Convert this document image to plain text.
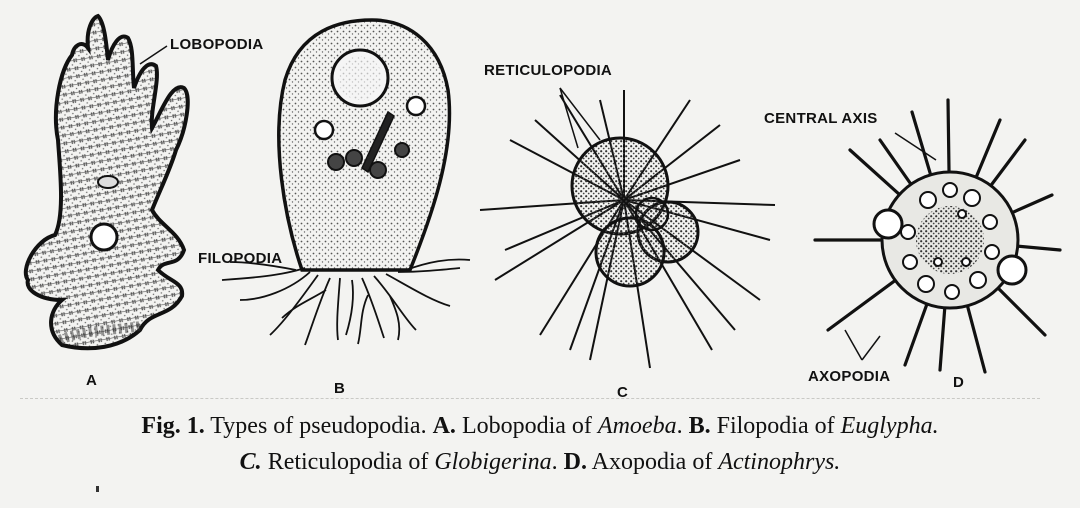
LOBOPODIA
FILOPODIA
RETICULOPODIA
CENTRAL AXIS
AXOPODIA
A	B	C
D
Fig. 1. Types of pseudopodia. A. Lobopodia of Amoeba. B. Filopodia of Euglypha.
C. Reticulopodia of Globigerina. D. Axopodia of Actinophrys.
